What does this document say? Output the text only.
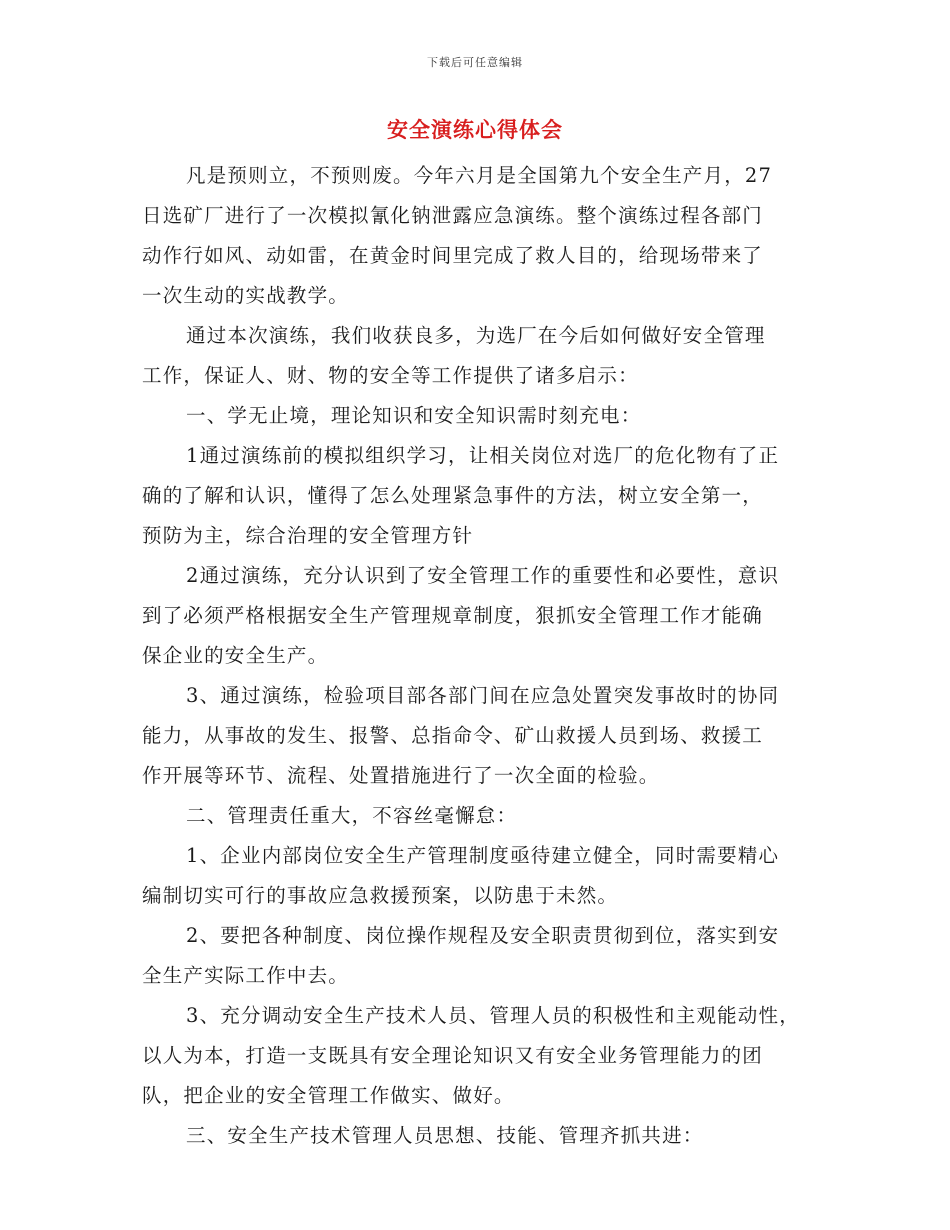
下载后可任意编辑
安全演练心得体会
凡是预则立，不预则废。今年六月是全国第九个安全生产月，27
日选矿厂进行了一次模拟氰化钠泄露应急演练。整个演练过程各部门
动作行如风、动如雷，在黄金时间里完成了救人目的，给现场带来了
一次生动的实战教学。
通过本次演练，我们收获良多，为选厂在今后如何做好安全管理
工作，保证人、财、物的安全等工作提供了诸多启示：
一、学无止境，理论知识和安全知识需时刻充电：
1通过演练前的模拟组织学习，让相关岗位对选厂的危化物有了正
确的了解和认识，懂得了怎么处理紧急事件的方法，树立安全第一，
预防为主，综合治理的安全管理方针
2通过演练，充分认识到了安全管理工作的重要性和必要性，意识
到了必须严格根据安全生产管理规章制度，狠抓安全管理工作才能确
保企业的安全生产。
3、通过演练，检验项目部各部门间在应急处置突发事故时的协同
能力，从事故的发生、报警、总指命令、矿山救援人员到场、救援工
作开展等环节、流程、处置措施进行了一次全面的检验。
二、管理责任重大，不容丝毫懈怠：
1、企业内部岗位安全生产管理制度亟待建立健全，同时需要精心
编制切实可行的事故应急救援预案，以防患于未然。
2、要把各种制度、岗位操作规程及安全职责贯彻到位，落实到安
全生产实际工作中去。
3、充分调动安全生产技术人员、管理人员的积极性和主观能动性，
以人为本，打造一支既具有安全理论知识又有安全业务管理能力的团
队，把企业的安全管理工作做实、做好。
三、安全生产技术管理人员思想、技能、管理齐抓共进：
